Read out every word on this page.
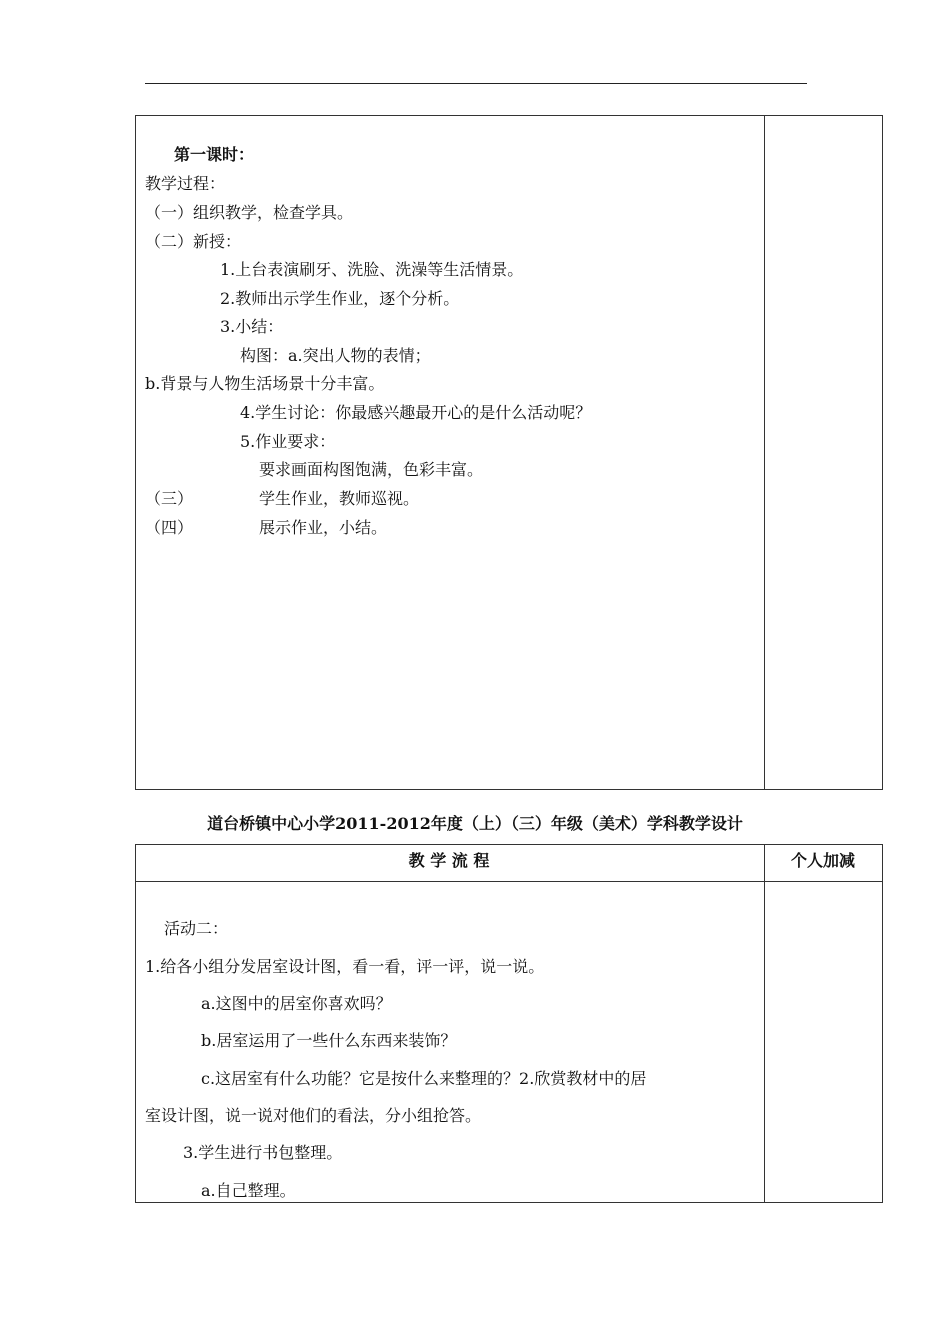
第一课时：
教学过程：
（一）组织教学，检查学具。
（二）新授：
1.上台表演刷牙、洗脸、洗澡等生活情景。
2.教师出示学生作业，逐个分析。
3.小结：
构图：a.突出人物的表情；
b.背景与人物生活场景十分丰富。
4.学生讨论：你最感兴趣最开心的是什么活动呢？
5.作业要求：
要求画面构图饱满，色彩丰富。
（三）	学生作业，教师巡视。
（四）	展示作业，小结。
道台桥镇中心小学2011-2012年度（上）（三）年级（美术）学科教学设计
教 学 流 程	个人加减
活动二：
1.给各小组分发居室设计图，看一看，评一评，说一说。
a.这图中的居室你喜欢吗？
b.居室运用了一些什么东西来装饰？
c.这居室有什么功能？它是按什么来整理的？2.欣赏教材中的居
室设计图，说一说对他们的看法，分小组抢答。
3.学生进行书包整理。
a.自己整理。
